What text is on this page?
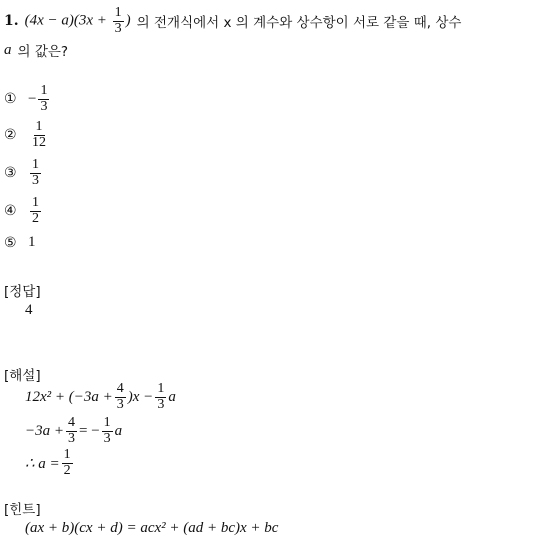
1. $(4x - a)(3x + \frac{1}{3}$ ) 의 전개식에서 x 의 계수와 상수항이 서로 같을 때, 상수
a 의 값은?
① − $\frac{1}{3}$
② $\frac{1}{12}$
③ $\frac{1}{3}$
④ $\frac{1}{2}$
⑤ 1
[정답]
4
[해설]
$12x^2 + (-3a + \frac{4}{3} )x - \frac{1}{3}$ a
$-3a + \frac{4}{3}$ = − $\frac{1}{3}$ a
∴ $a = \frac{1}{2}$
[힌트]
(ax + b)(cx + d) = acx² + (ad + bc)x + bc
